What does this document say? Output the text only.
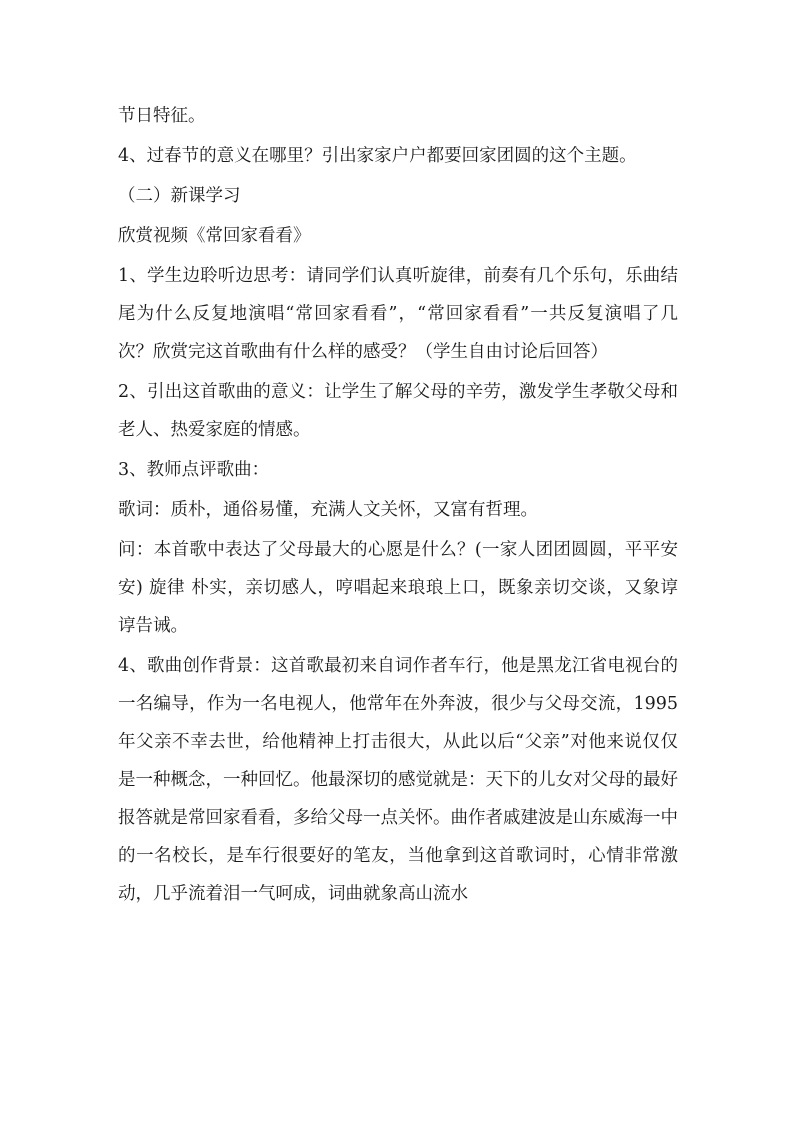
节日特征。

4、过春节的意义在哪里？引出家家户户都要回家团圆的这个主题。

（二）新课学习

欣赏视频《常回家看看》

1、学生边聆听边思考：请同学们认真听旋律，前奏有几个乐句，乐曲结尾为什么反复地演唱“常回家看看”，“常回家看看”一共反复演唱了几次？欣赏完这首歌曲有什么样的感受？（学生自由讨论后回答）

2、引出这首歌曲的意义：让学生了解父母的辛劳，激发学生孝敬父母和老人、热爱家庭的情感。

3、教师点评歌曲：

歌词：质朴，通俗易懂，充满人文关怀，又富有哲理。

问：本首歌中表达了父母最大的心愿是什么？(一家人团团圆圆，平平安安) 旋律 朴实，亲切感人，哼唱起来琅琅上口，既象亲切交谈，又象谆谆告诫。

4、歌曲创作背景：这首歌最初来自词作者车行，他是黑龙江省电视台的一名编导，作为一名电视人，他常年在外奔波，很少与父母交流，1995 年父亲不幸去世，给他精神上打击很大，从此以后“父亲”对他来说仅仅是一种概念，一种回忆。他最深切的感觉就是：天下的儿女对父母的最好报答就是常回家看看，多给父母一点关怀。曲作者戚建波是山东威海一中的一名校长，是车行很要好的笔友，当他拿到这首歌词时，心情非常激动，几乎流着泪一气呵成，词曲就象高山流水
